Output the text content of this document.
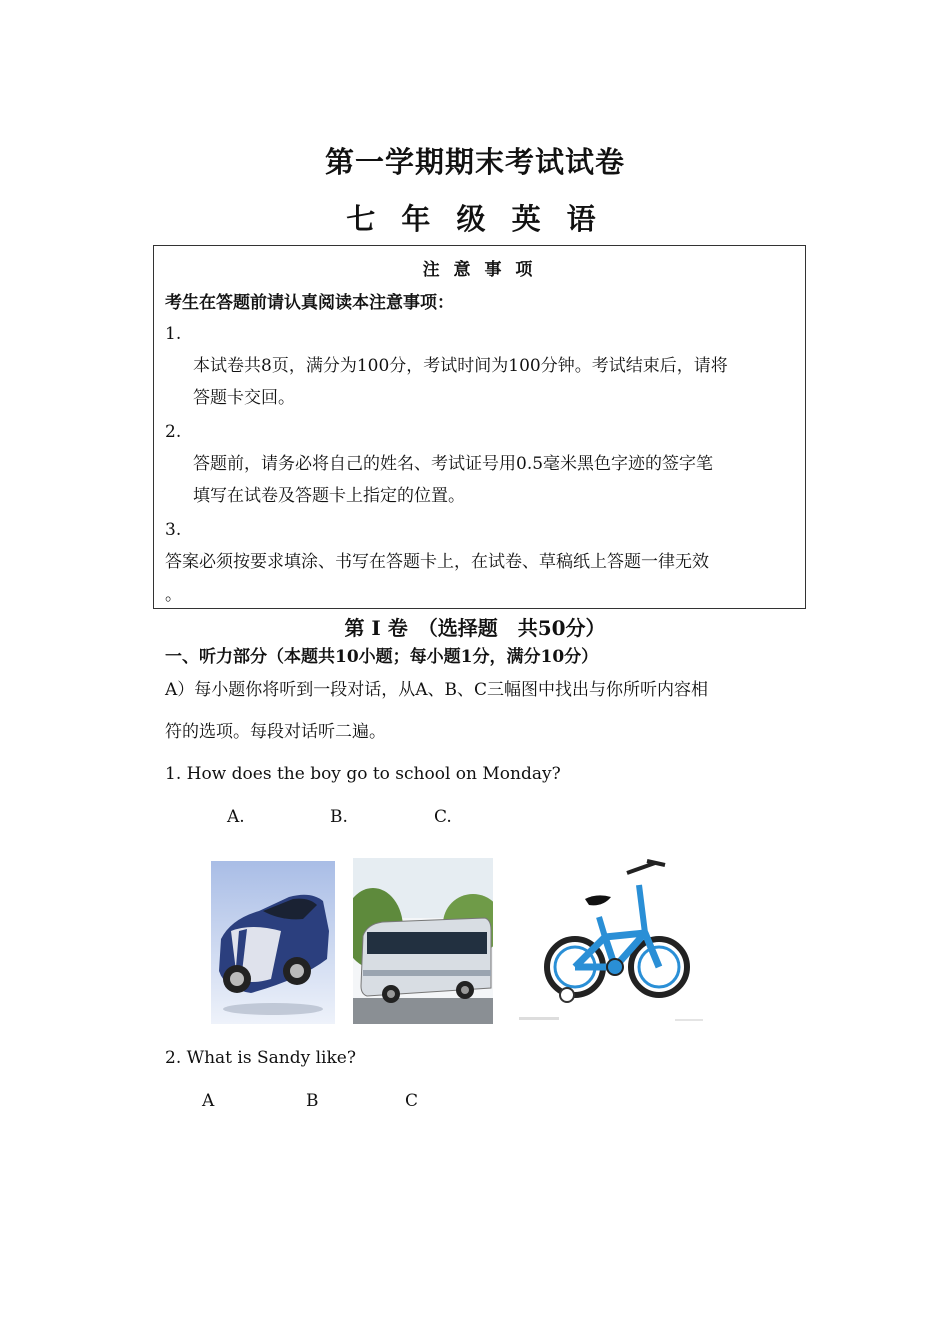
第一学期期末考试试卷
七 年 级 英 语
注 意 事 项
考生在答题前请认真阅读本注意事项：
1.
本试卷共8页，满分为100分，考试时间为100分钟。考试结束后，请将
答题卡交回。
2.
答题前，请务必将自己的姓名、考试证号用0.5毫米黑色字迹的签字笔
填写在试卷及答题卡上指定的位置。
3.
答案必须按要求填涂、书写在答题卡上，在试卷、草稿纸上答题一律无效
。
第 I 卷　（选择题　共50分）
一、听力部分（本题共10小题；每小题1分，满分10分）
A）每小题你将听到一段对话，从A、B、C三幅图中找出与你所听内容相
符的选项。每段对话听二遍。
1. How does the boy go to school on Monday?
A.	B.	C.
2. What is Sandy like?
A	B	C
